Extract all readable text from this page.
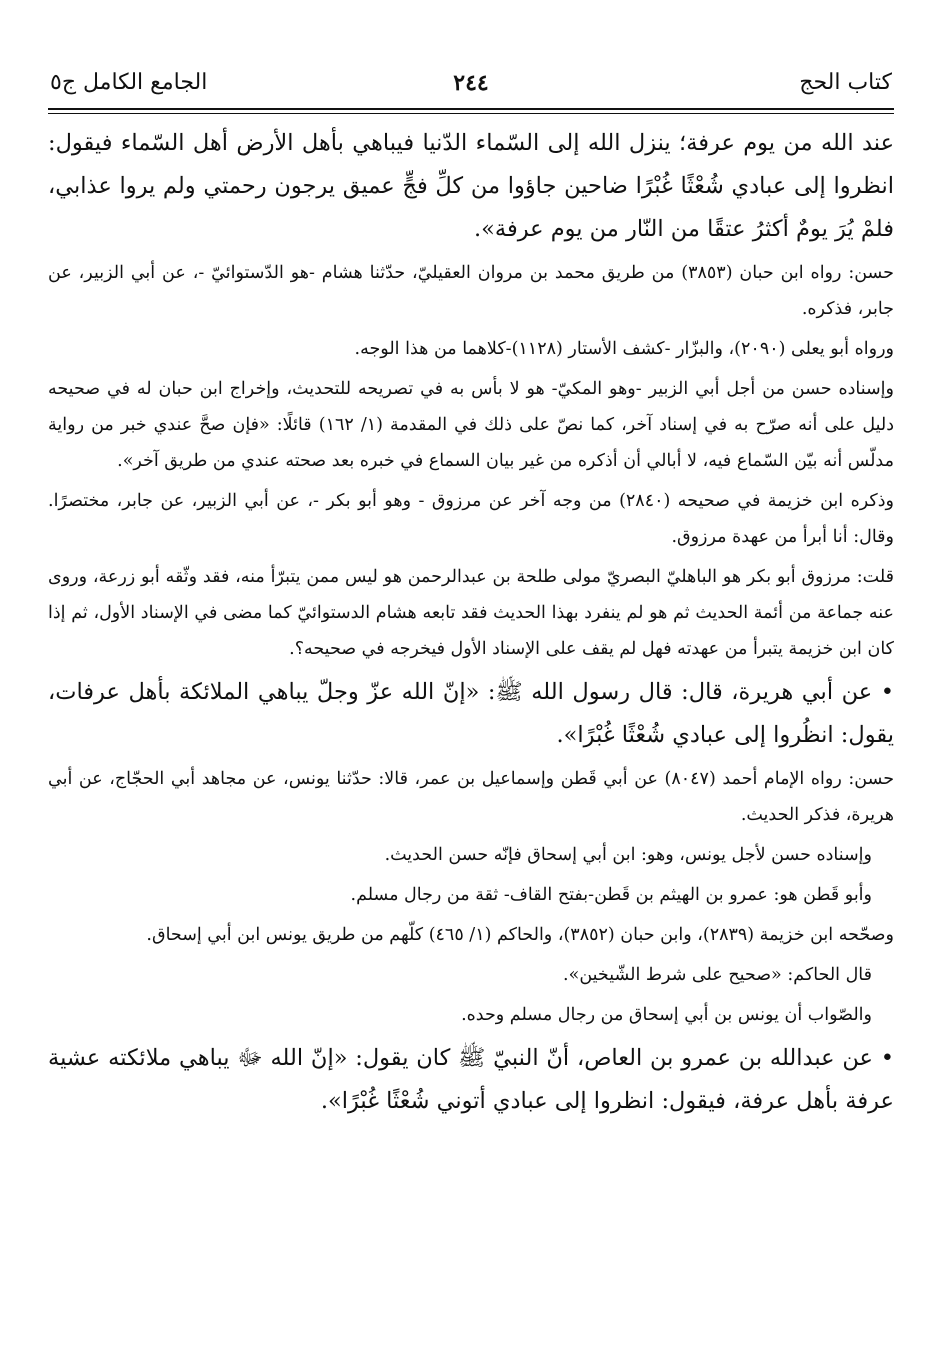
كتاب الحج
٢٤٤
الجامع الكامل ج٥

عند الله من يوم عرفة؛ ينزل الله إلى السّماء الدّنيا فيباهي بأهل الأرض أهل السّماء فيقول: انظروا إلى عبادي شُعْثًا غُبْرًا ضاحين جاؤوا من كلِّ فجٍّ عميق يرجون رحمتي ولم يروا عذابي، فلمْ يُرَ يومٌ أكثرُ عتقًا من النّار من يوم عرفة».

حسن: رواه ابن حبان (٣٨٥٣) من طريق محمد بن مروان العقيليّ، حدّثنا هشام -هو الدّستوائيّ -، عن أبي الزبير، عن جابر، فذكره.

ورواه أبو يعلى (٢٠٩٠)، والبزّار -كشف الأستار (١١٢٨)-كلاهما من هذا الوجه.

وإسناده حسن من أجل أبي الزبير -وهو المكيّ- هو لا بأس به في تصريحه للتحديث، وإخراج ابن حبان له في صحيحه دليل على أنه صرّح به في إسناد آخر، كما نصّ على ذلك في المقدمة (١/ ١٦٢) قائلًا: «فإن صحَّ عندي خبر من رواية مدلّس أنه بيّن السّماع فيه، لا أبالي أن أذكره من غير بيان السماع في خبره بعد صحته عندي من طريق آخر».

وذكره ابن خزيمة في صحيحه (٢٨٤٠) من وجه آخر عن مرزوق - وهو أبو بكر -، عن أبي الزبير، عن جابر، مختصرًا. وقال: أنا أبرأ من عهدة مرزوق.

قلت: مرزوق أبو بكر هو الباهليّ البصريّ مولى طلحة بن عبدالرحمن هو ليس ممن يتبرّأ منه، فقد وثّقه أبو زرعة، وروى عنه جماعة من أئمة الحديث ثم هو لم ينفرد بهذا الحديث فقد تابعه هشام الدستوائيّ كما مضى في الإسناد الأول، ثم إذا كان ابن خزيمة يتبرأ من عهدته فهل لم يقف على الإسناد الأول فيخرجه في صحيحه؟.

• عن أبي هريرة، قال: قال رسول الله ﷺ: «إنّ الله عزّ وجلّ يباهي الملائكة بأهل عرفات، يقول: انظُروا إلى عبادي شُعْثًا غُبْرًا».

حسن: رواه الإمام أحمد (٨٠٤٧) عن أبي قَطن وإسماعيل بن عمر، قالا: حدّثنا يونس، عن مجاهد أبي الحجّاج، عن أبي هريرة، فذكر الحديث.

وإسناده حسن لأجل يونس، وهو: ابن أبي إسحاق فإنّه حسن الحديث.

وأبو قَطن هو: عمرو بن الهيثم بن قَطن-بفتح القاف- ثقة من رجال مسلم.

وصحّحه ابن خزيمة (٢٨٣٩)، وابن حبان (٣٨٥٢)، والحاكم (١/ ٤٦٥) كلّهم من طريق يونس ابن أبي إسحاق.

قال الحاكم: «صحيح على شرط الشّيخين».

والصّواب أن يونس بن أبي إسحاق من رجال مسلم وحده.

• عن عبدالله بن عمرو بن العاص، أنّ النبيّ ﷺ كان يقول: «إنّ الله ﷻ يباهي ملائكته عشية عرفة بأهل عرفة، فيقول: انظروا إلى عبادي أتوني شُعْثًا غُبْرًا».
